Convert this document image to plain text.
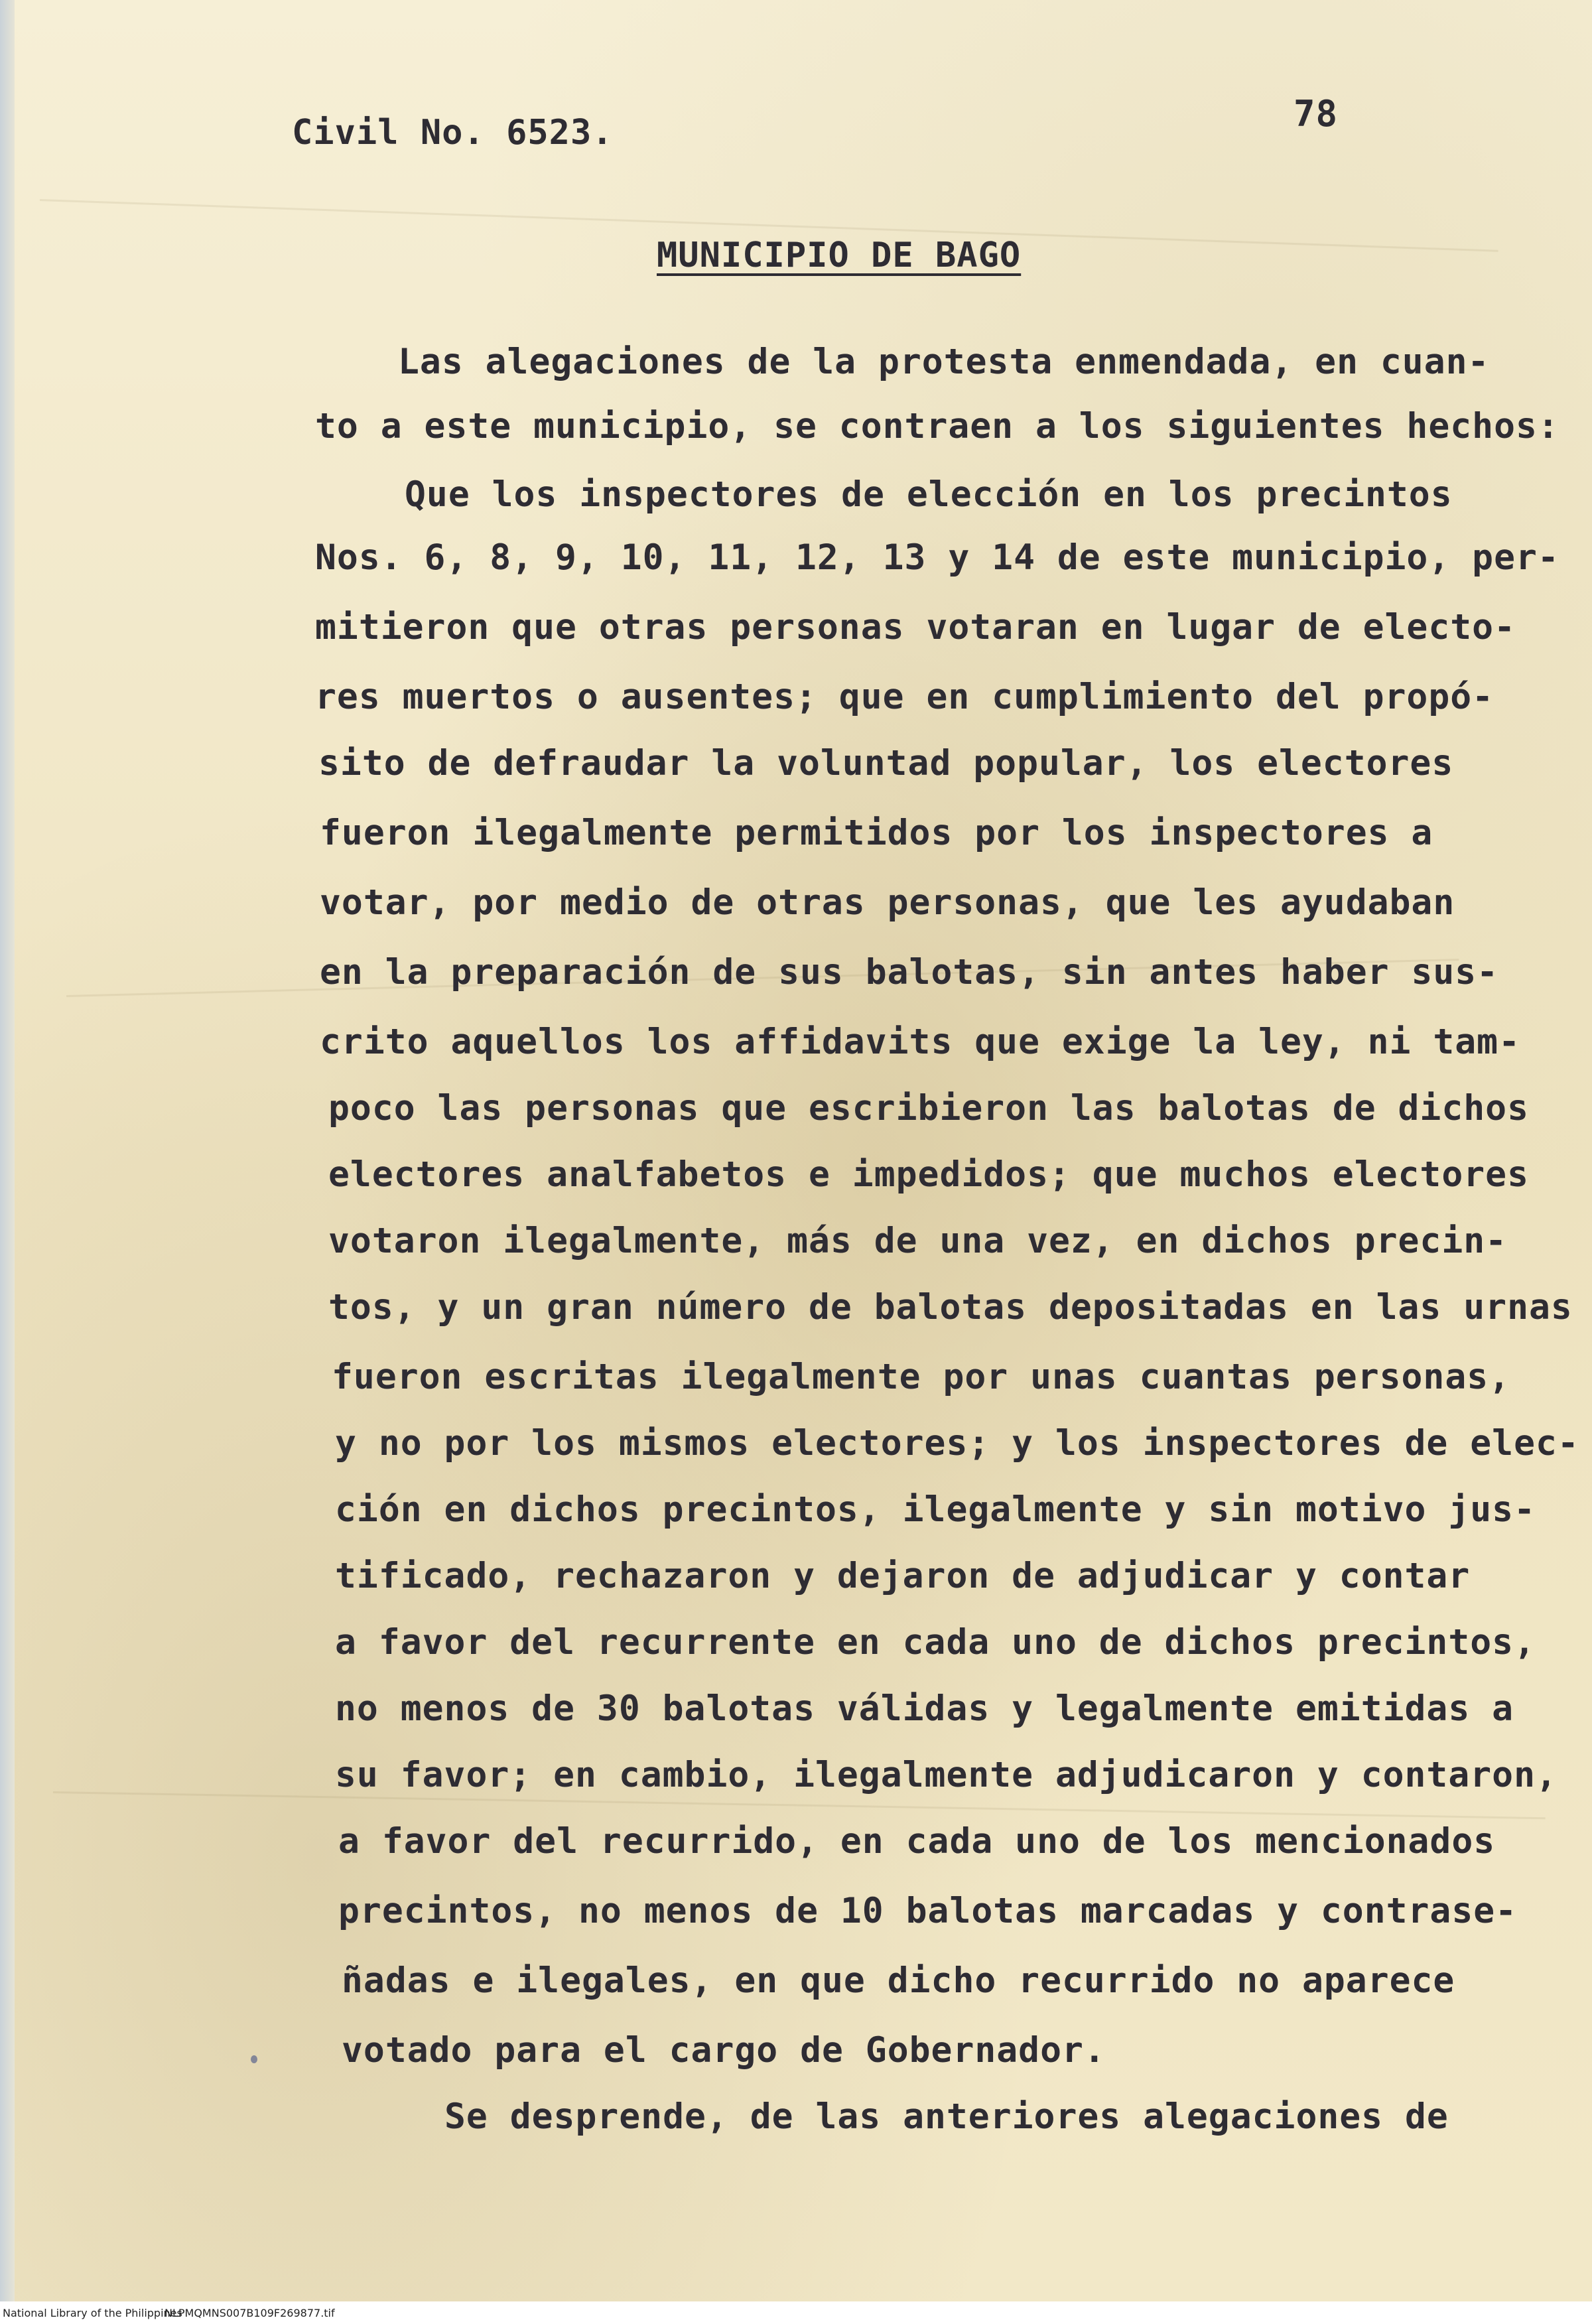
Civil No. 6523.	78
MUNICIPIO DE BAGO
Las alegaciones de la protesta enmendada, en cuan-
to a este municipio, se contraen a los siguientes hechos:
Que los inspectores de elección en los precintos
Nos. 6, 8, 9, 10, 11, 12, 13 y 14 de este municipio, per-
mitieron que otras personas votaran en lugar de electo-
res muertos o ausentes; que en cumplimiento del propó-
sito de defraudar la voluntad popular, los electores
fueron ilegalmente permitidos por los inspectores a
votar, por medio de otras personas, que les ayudaban
en la preparación de sus balotas, sin antes haber sus-
crito aquellos los affidavits que exige la ley, ni tam-
poco las personas que escribieron las balotas de dichos
electores analfabetos e impedidos; que muchos electores
votaron ilegalmente, más de una vez, en dichos precin-
tos, y un gran número de balotas depositadas en las urnas
fueron escritas ilegalmente por unas cuantas personas,
y no por los mismos electores; y los inspectores de elec-
ción en dichos precintos, ilegalmente y sin motivo jus-
tificado, rechazaron y dejaron de adjudicar y contar
a favor del recurrente en cada uno de dichos precintos,
no menos de 30 balotas válidas y legalmente emitidas a
su favor; en cambio, ilegalmente adjudicaron y contaron,
a favor del recurrido, en cada uno de los mencionados
precintos, no menos de 10 balotas marcadas y contrase-
ñadas e ilegales, en que dicho recurrido no aparece
votado para el cargo de Gobernador.
Se desprende, de las anteriores alegaciones de
National Library of the Philippines
NLPMQMNS007B109F269877.tif
